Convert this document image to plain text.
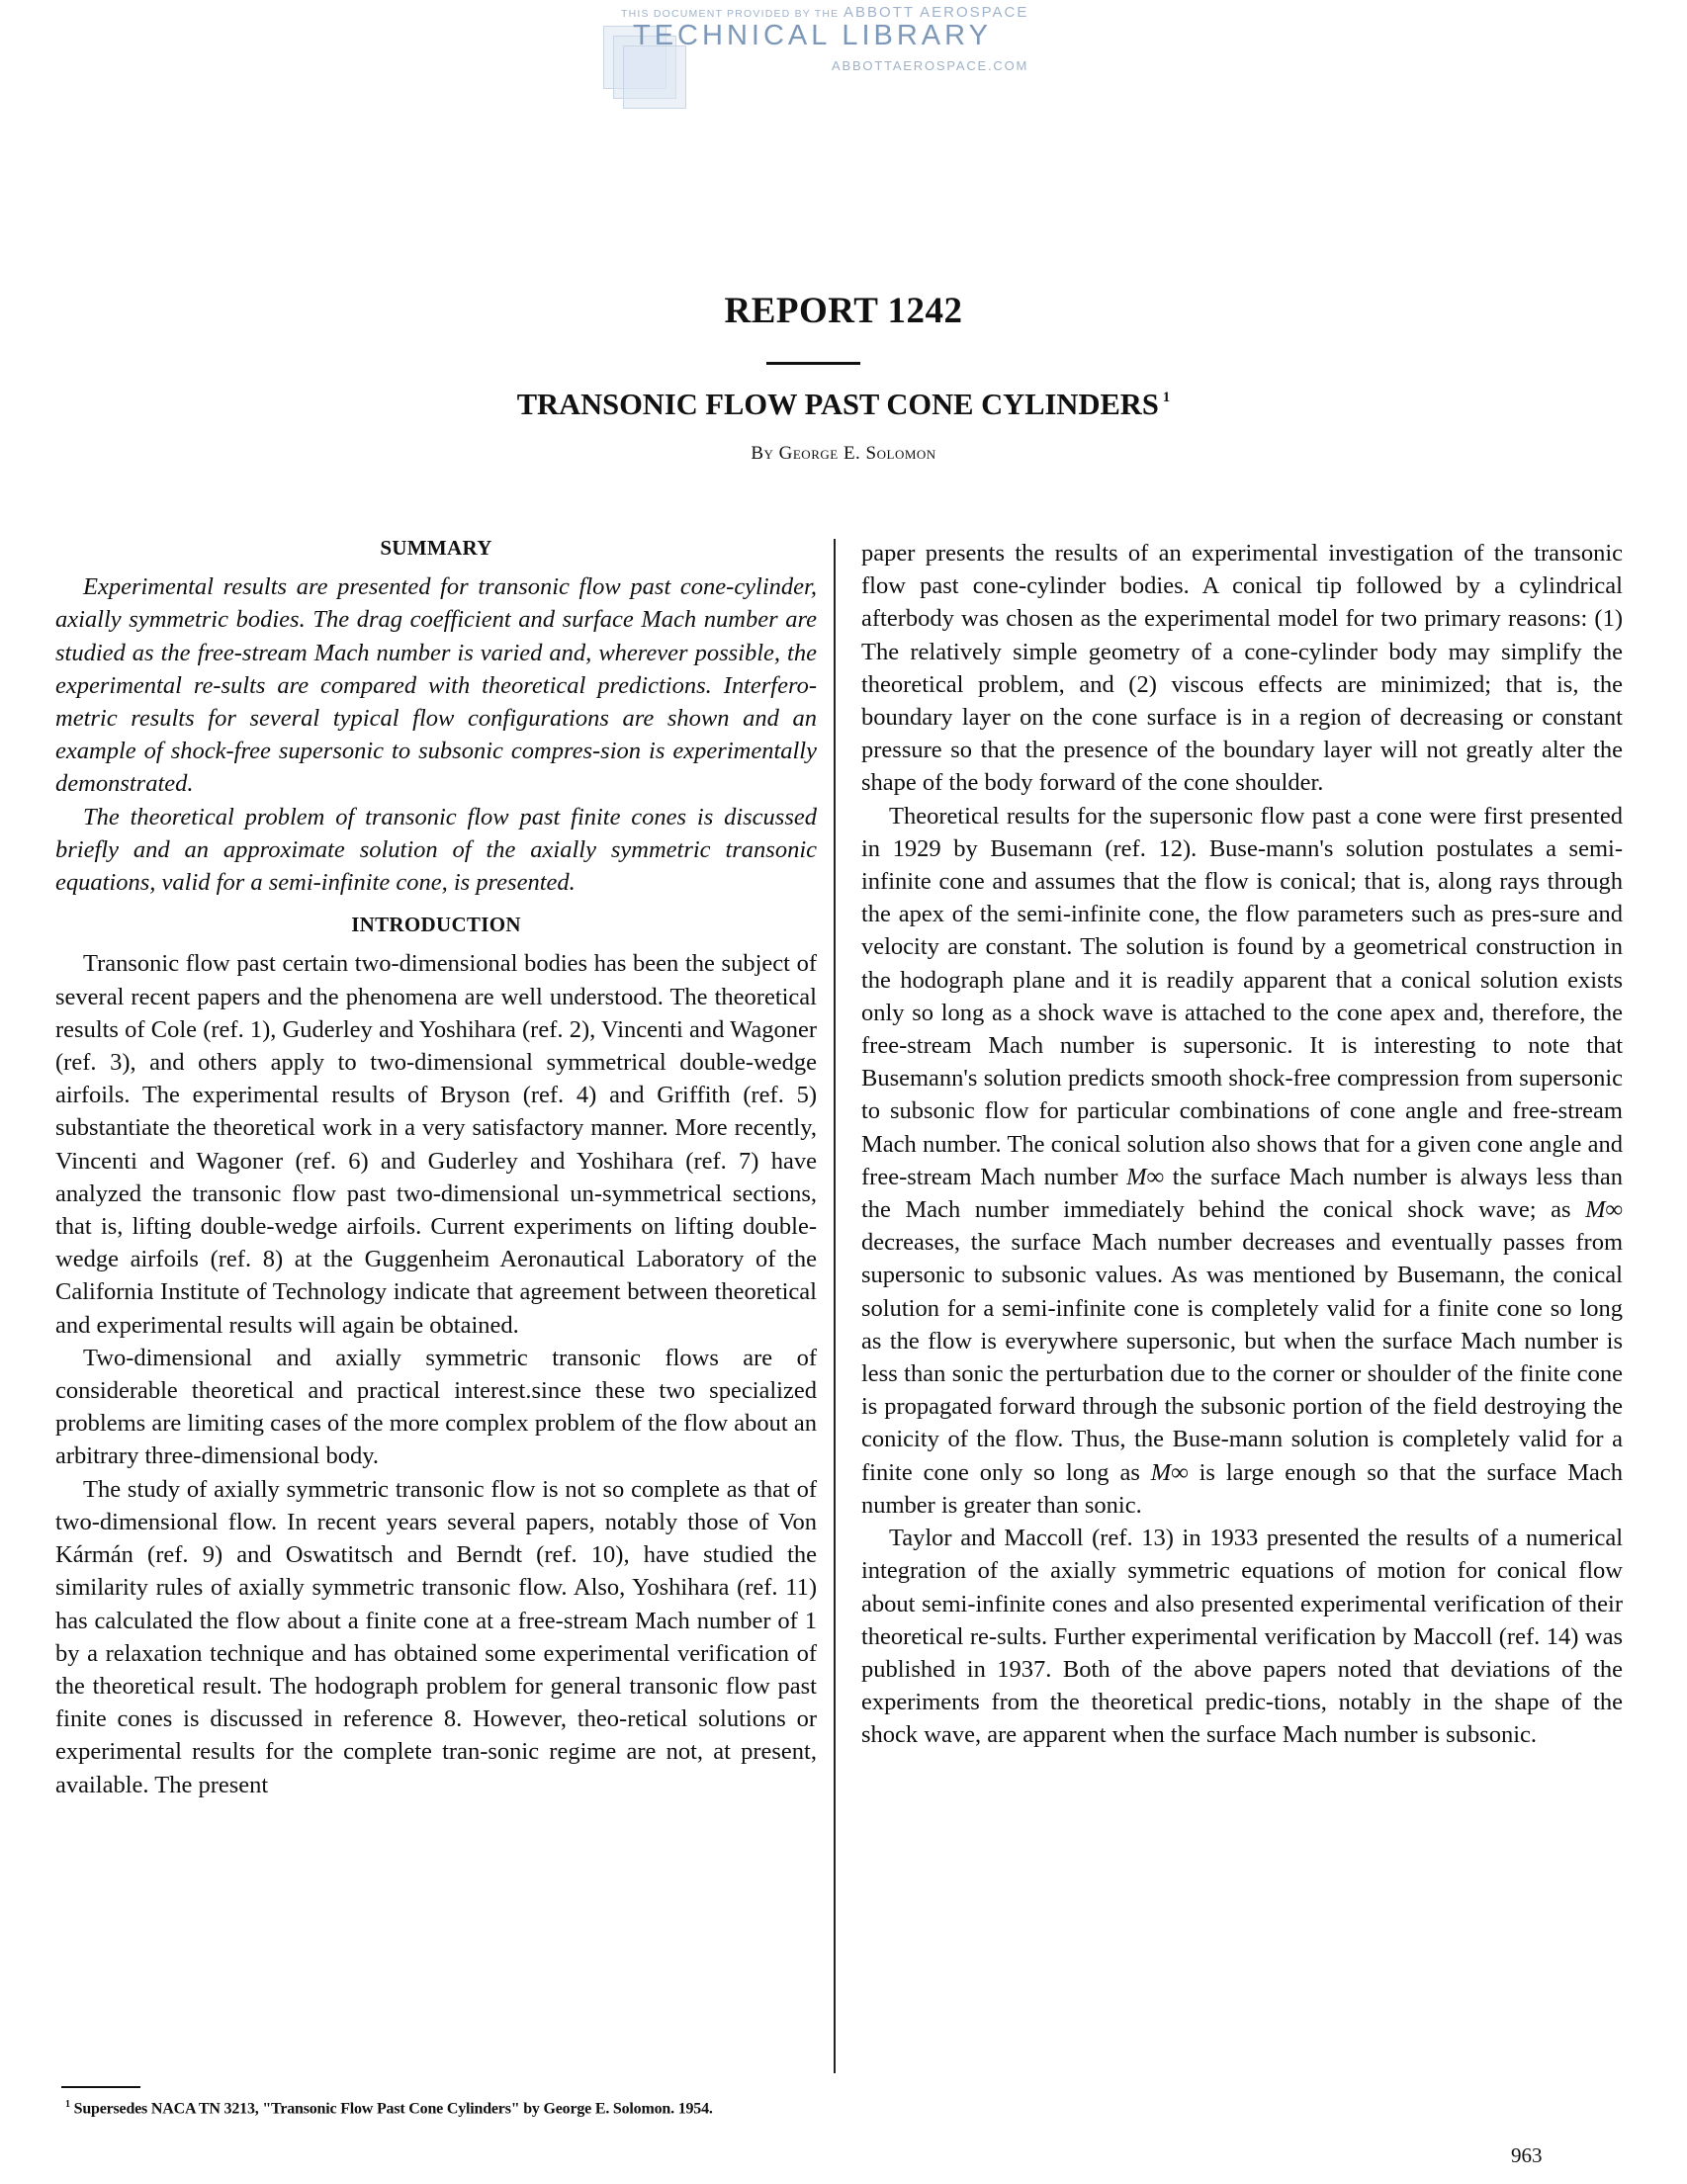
THIS DOCUMENT PROVIDED BY THE ABBOTT AEROSPACE
TECHNICAL LIBRARY
ABBOTTAEROSPACE.COM
REPORT 1242
TRANSONIC FLOW PAST CONE CYLINDERS $^1$
By George E. Solomon
SUMMARY

Experimental results are presented for transonic flow past cone-cylinder, axially symmetric bodies. The drag coefficient and surface Mach number are studied as the free-stream Mach number is varied and, wherever possible, the experimental re-sults are compared with theoretical predictions. Interfero-metric results for several typical flow configurations are shown and an example of shock-free supersonic to subsonic compres-sion is experimentally demonstrated.

The theoretical problem of transonic flow past finite cones is discussed briefly and an approximate solution of the axially symmetric transonic equations, valid for a semi-infinite cone, is presented.

INTRODUCTION

Transonic flow past certain two-dimensional bodies has been the subject of several recent papers and the phenomena are well understood. The theoretical results of Cole (ref. 1), Guderley and Yoshihara (ref. 2), Vincenti and Wagoner (ref. 3), and others apply to two-dimensional symmetrical double-wedge airfoils. The experimental results of Bryson (ref. 4) and Griffith (ref. 5) substantiate the theoretical work in a very satisfactory manner. More recently, Vincenti and Wagoner (ref. 6) and Guderley and Yoshihara (ref. 7) have analyzed the transonic flow past two-dimensional un-symmetrical sections, that is, lifting double-wedge airfoils. Current experiments on lifting double-wedge airfoils (ref. 8) at the Guggenheim Aeronautical Laboratory of the California Institute of Technology indicate that agreement between theoretical and experimental results will again be obtained.

Two-dimensional and axially symmetric transonic flows are of considerable theoretical and practical interest.since these two specialized problems are limiting cases of the more complex problem of the flow about an arbitrary three-dimensional body.

The study of axially symmetric transonic flow is not so complete as that of two-dimensional flow. In recent years several papers, notably those of Von Kármán (ref. 9) and Oswatitsch and Berndt (ref. 10), have studied the similarity rules of axially symmetric transonic flow. Also, Yoshihara (ref. 11) has calculated the flow about a finite cone at a free-stream Mach number of 1 by a relaxation technique and has obtained some experimental verification of the theoretical result. The hodograph problem for general transonic flow past finite cones is discussed in reference 8. However, theo-retical solutions or experimental results for the complete tran-sonic regime are not, at present, available. The present

paper presents the results of an experimental investigation of the transonic flow past cone-cylinder bodies. A conical tip followed by a cylindrical afterbody was chosen as the experimental model for two primary reasons: (1) The relatively simple geometry of a cone-cylinder body may simplify the theoretical problem, and (2) viscous effects are minimized; that is, the boundary layer on the cone surface is in a region of decreasing or constant pressure so that the presence of the boundary layer will not greatly alter the shape of the body forward of the cone shoulder.

Theoretical results for the supersonic flow past a cone were first presented in 1929 by Busemann (ref. 12). Buse-mann's solution postulates a semi-infinite cone and assumes that the flow is conical; that is, along rays through the apex of the semi-infinite cone, the flow parameters such as pres-sure and velocity are constant. The solution is found by a geometrical construction in the hodograph plane and it is readily apparent that a conical solution exists only so long as a shock wave is attached to the cone apex and, therefore, the free-stream Mach number is supersonic. It is interesting to note that Busemann's solution predicts smooth shock-free compression from supersonic to subsonic flow for particular combinations of cone angle and free-stream Mach number. The conical solution also shows that for a given cone angle and free-stream Mach number M∞ the surface Mach number is always less than the Mach number immediately behind the conical shock wave; as M∞ decreases, the surface Mach number decreases and eventually passes from supersonic to subsonic values. As was mentioned by Busemann, the conical solution for a semi-infinite cone is completely valid for a finite cone so long as the flow is everywhere supersonic, but when the surface Mach number is less than sonic the perturbation due to the corner or shoulder of the finite cone is propagated forward through the subsonic portion of the field destroying the conicity of the flow. Thus, the Buse-mann solution is completely valid for a finite cone only so long as M∞ is large enough so that the surface Mach number is greater than sonic.

Taylor and Maccoll (ref. 13) in 1933 presented the results of a numerical integration of the axially symmetric equations of motion for conical flow about semi-infinite cones and also presented experimental verification of their theoretical re-sults. Further experimental verification by Maccoll (ref. 14) was published in 1937. Both of the above papers noted that deviations of the experiments from the theoretical predic-tions, notably in the shape of the shock wave, are apparent when the surface Mach number is subsonic.

$^1$ Supersedes NACA TN 3213, "Transonic Flow Past Cone Cylinders" by George E. Solomon. 1954.
963
